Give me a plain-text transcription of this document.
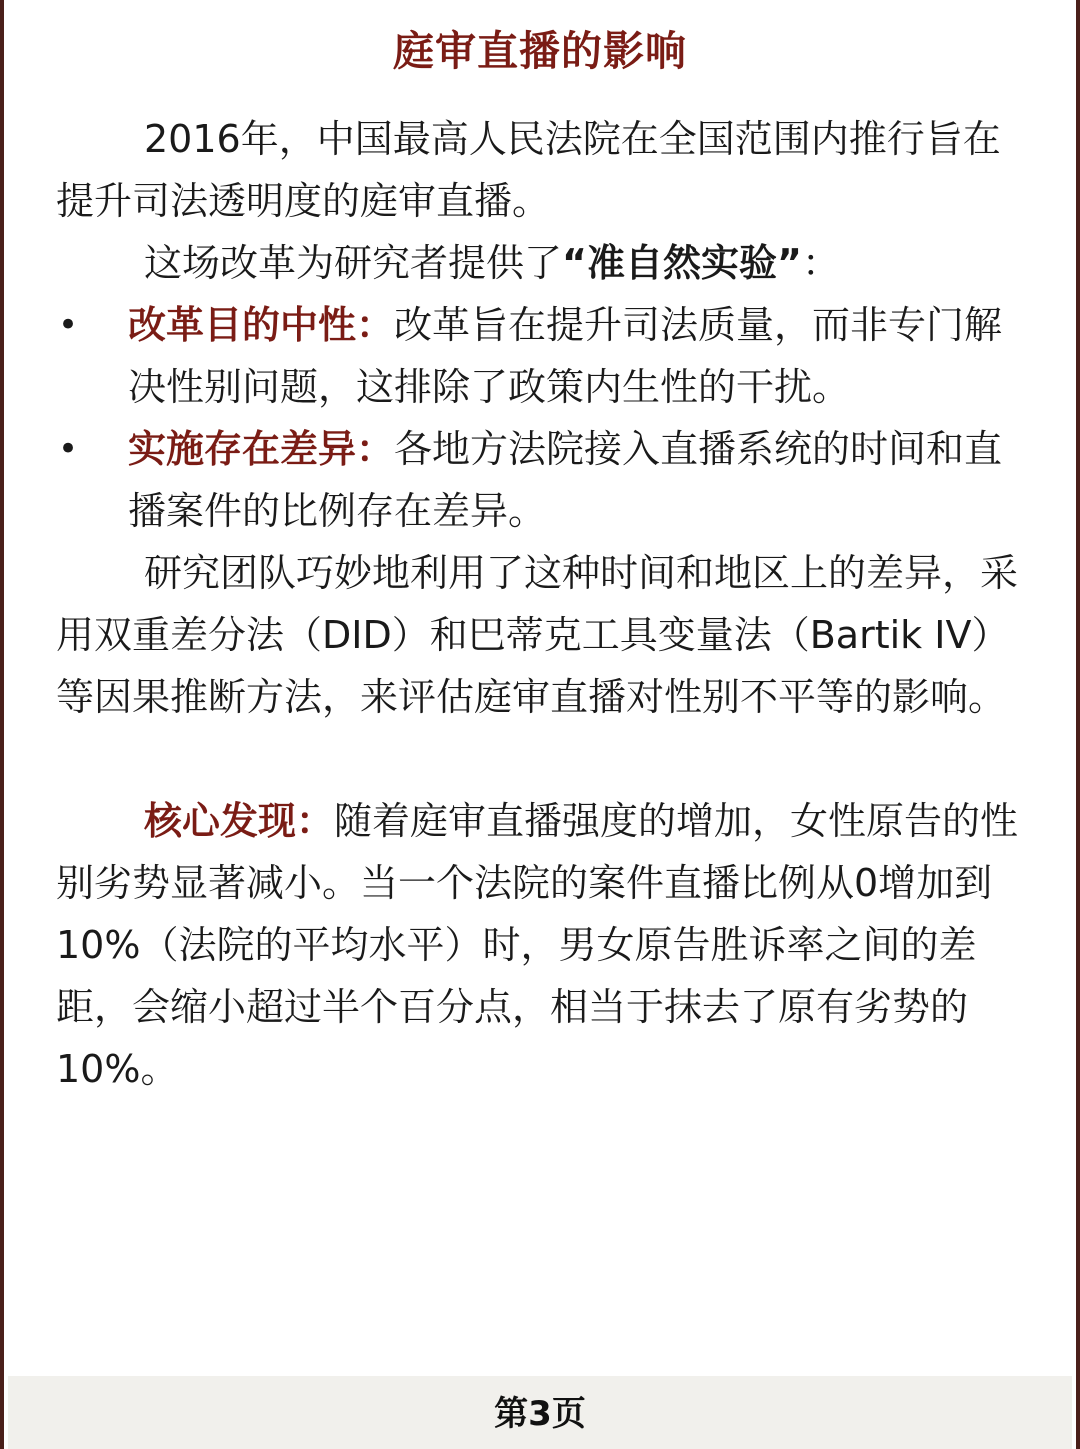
庭审直播的影响

2016年，中国最高人民法院在全国范围内推行旨在提升司法透明度的庭审直播。

这场改革为研究者提供了“准自然实验”：

• 改革目的中性：改革旨在提升司法质量，而非专门解决性别问题，这排除了政策内生性的干扰。
• 实施存在差异：各地方法院接入直播系统的时间和直播案件的比例存在差异。

研究团队巧妙地利用了这种时间和地区上的差异，采用双重差分法（DID）和巴蒂克工具变量法（Bartik IV）等因果推断方法，来评估庭审直播对性别不平等的影响。

核心发现：随着庭审直播强度的增加，女性原告的性别劣势显著减小。当一个法院的案件直播比例从0增加到10%（法院的平均水平）时，男女原告胜诉率之间的差距，会缩小超过半个百分点，相当于抹去了原有劣势的10%。

第3页
